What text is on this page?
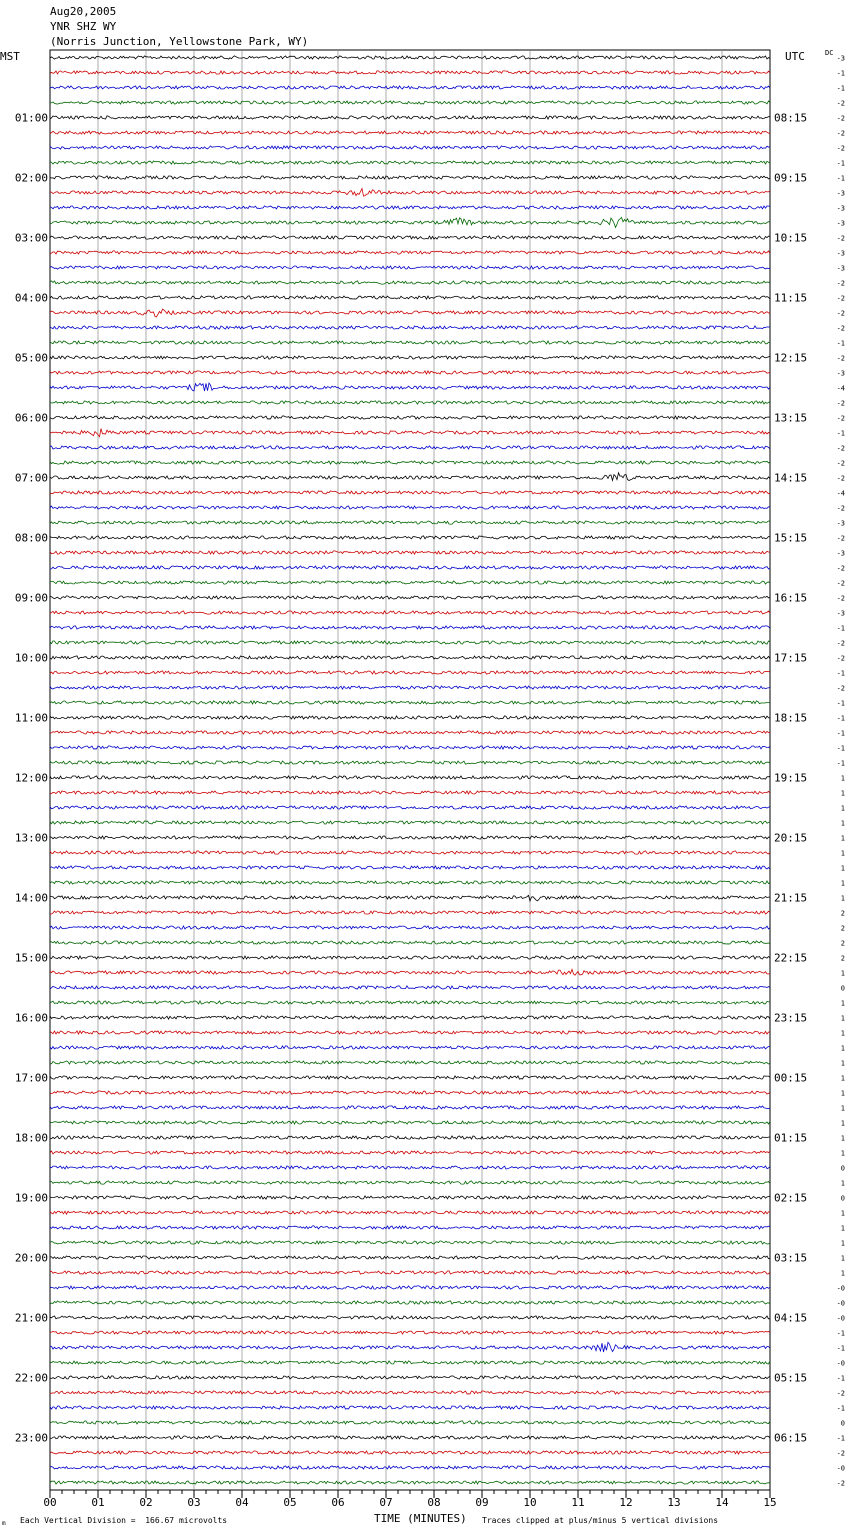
Aug20,2005
YNR SHZ WY
(Norris Junction, Yellowstone Park, WY)
MST	UTC	DC
00	01	02	03	04	05	06	07	08	09	10	11	12	13	14	15
-3
-1
-1
-2
-2
-2
-2
-1
-1
-3
-3
-3
-2
-3
-3
-2
-2
-2
-2
-1
-2
-3
-4
-2
-2
-1
-2
-2
-2
-4
-2
-3
-2
-3
-2
-2
-2
-3
-1
-2
-2
-1
-2
-1
-1
-1
-1
-1
1
1
1
1
1
1
1
1
1
2
2
2
2
1
0
1
1
1
1
1
1
1
1
1
1
1
0
1
0
1
1
1
1
1
-0
-0
-0
-1
-1
-0
-1
-2
-1
0
-1
-2
-0
-2
01:00	08:15
02:00	09:15
03:00	10:15
04:00	11:15
05:00	12:15
06:00	13:15
07:00	14:15
08:00	15:15
09:00	16:15
10:00	17:15
11:00	18:15
12:00	19:15
13:00	20:15
14:00	21:15
15:00	22:15
16:00	23:15
17:00	00:15
18:00	01:15
19:00	02:15
20:00	03:15
21:00	04:15
22:00	05:15
23:00	06:15
TIME (MINUTES)
m Each Vertical Division =  166.67 microvolts	Traces clipped at plus/minus 5 vertical divisions
